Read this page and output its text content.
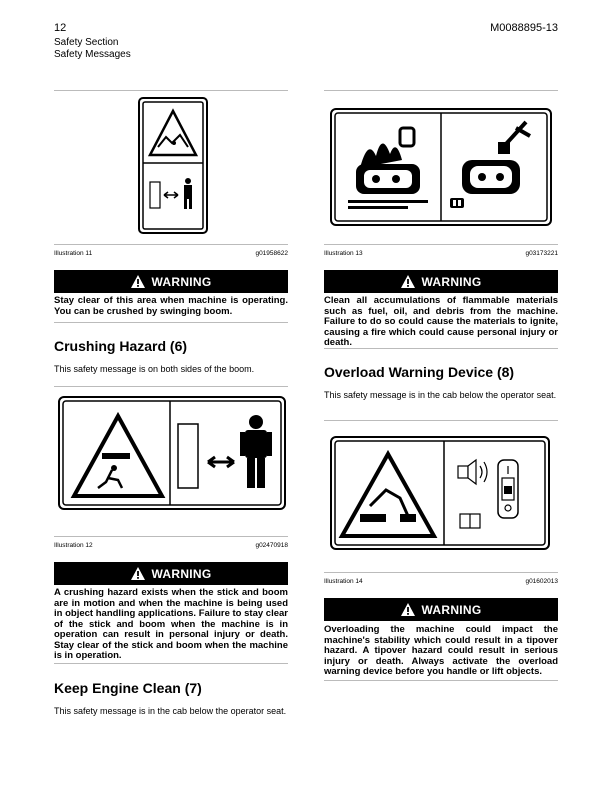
12	M0088895-13
Safety Section
Safety Messages
Illustration 11	g01958622
WARNING
Stay clear of this area when machine is operating. You can be crushed by swinging boom.
Crushing Hazard (6)
This safety message is on both sides of the boom.
Illustration 12	g02470918
WARNING
A crushing hazard exists when the stick and boom are in motion and when the machine is being used in object handling applications. Failure to stay clear of the stick and boom when the machine is in operation can result in personal injury or death. Stay clear of the stick and boom when the machine is in operation.
Keep Engine Clean (7)
This safety message is in the cab below the operator seat.
Illustration 13	g03173221
WARNING
Clean all accumulations of flammable materials such as fuel, oil, and debris from the machine. Failure to do so could cause the materials to ignite, causing a fire which could cause personal injury or death.
Overload Warning Device (8)
This safety message is in the cab below the operator seat.
Illustration 14	g01602013
WARNING
Overloading the machine could impact the machine's stability which could result in a tipover hazard. A tipover hazard could result in serious injury or death. Always activate the overload warning device before you handle or lift objects.
